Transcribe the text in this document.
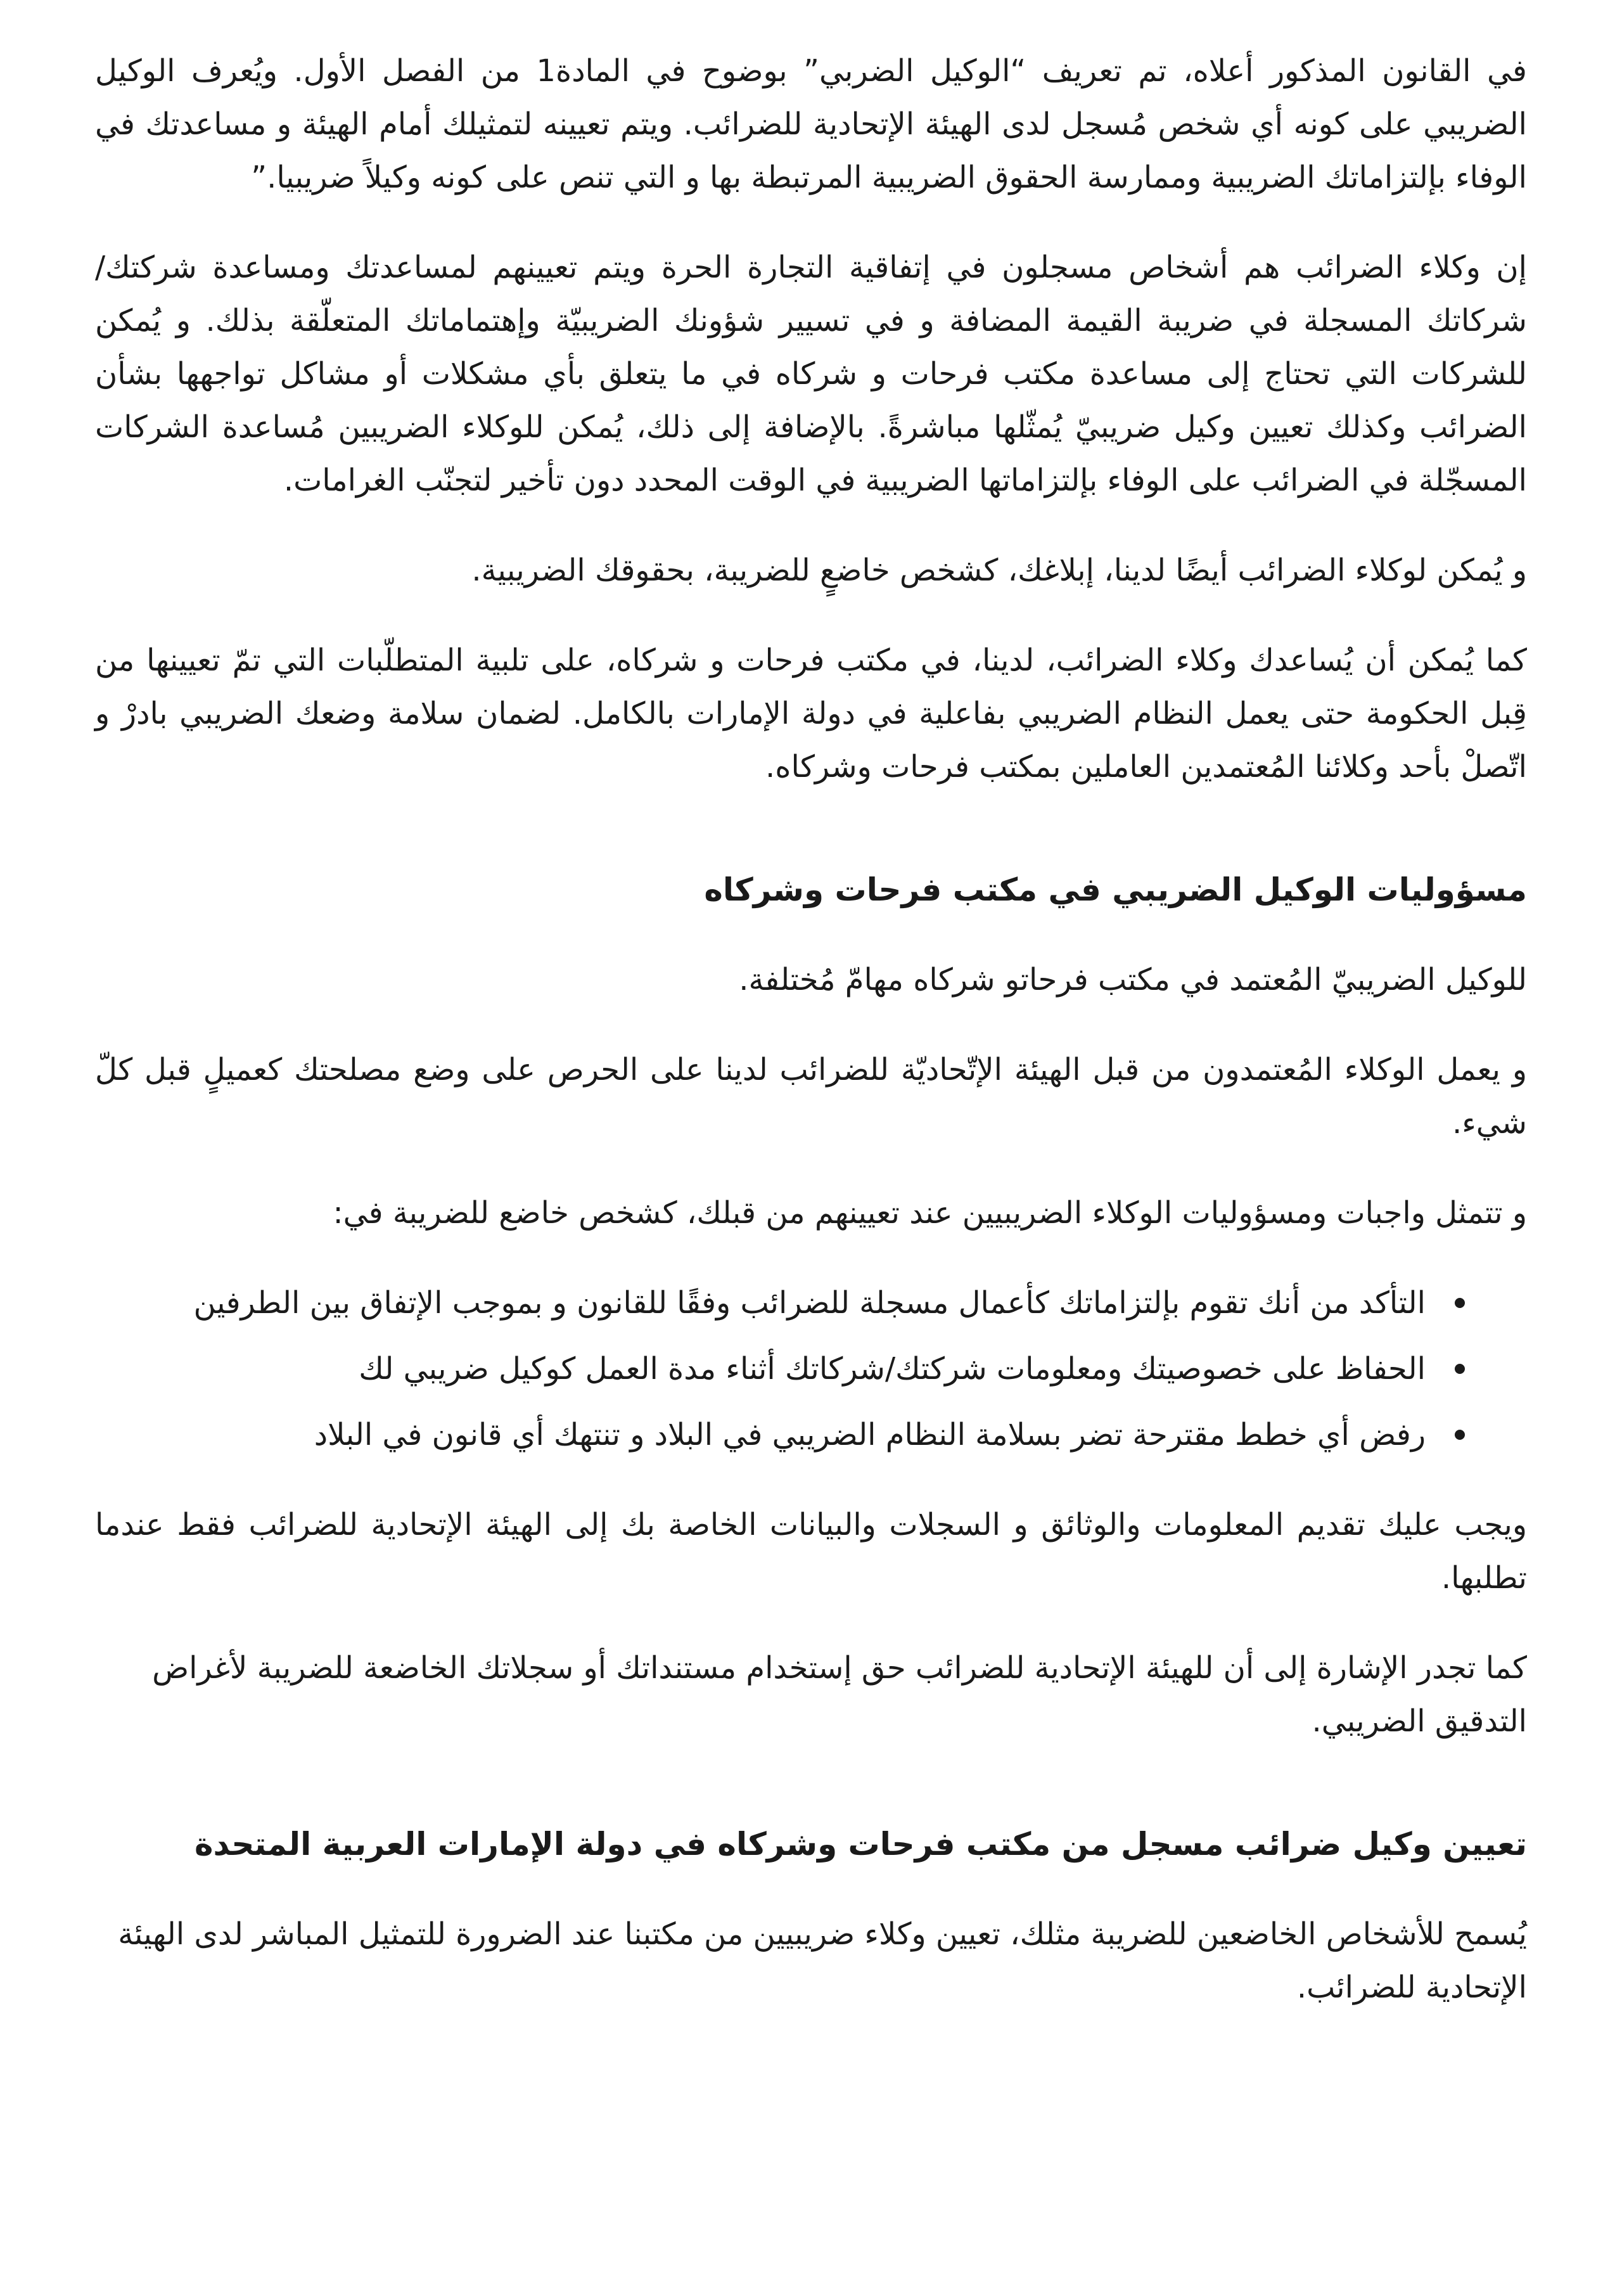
في القانون المذكور أعلاه، تم تعريف “الوكيل الضربي” بوضوح في المادة1 من الفصل الأول. ويُعرف الوكيل الضريبي على كونه أي شخص مُسجل لدى الهيئة الإتحادية للضرائب. ويتم تعيينه لتمثيلك أمام الهيئة و مساعدتك في الوفاء بإلتزاماتك الضريبية وممارسة الحقوق الضريبية المرتبطة بها و التي تنص على كونه وكيلاً ضريبيا.”

إن وكلاء الضرائب هم أشخاص مسجلون في إتفاقية التجارة الحرة ويتم تعيينهم لمساعدتك ومساعدة شركتك/شركاتك المسجلة في ضريبة القيمة المضافة و في تسيير شؤونك الضريبيّة وإهتماماتك المتعلّقة بذلك. و يُمكن للشركات التي تحتاج إلى مساعدة مكتب فرحات و شركاه في ما يتعلق بأي مشكلات أو مشاكل تواجهها بشأن الضرائب وكذلك تعيين وكيل ضريبيّ يُمثّلها مباشرةً. بالإضافة إلى ذلك، يُمكن للوكلاء الضريبين مُساعدة الشركات المسجّلة في الضرائب على الوفاء بإلتزاماتها الضريبية في الوقت المحدد دون تأخير لتجنّب الغرامات.

و يُمكن لوكلاء الضرائب أيضًا لدينا، إبلاغك، كشخص خاضعٍ للضريبة، بحقوقك الضريبية.

كما يُمكن أن يُساعدك وكلاء الضرائب، لدينا، في مكتب فرحات و شركاه، على تلبية المتطلّبات التي تمّ تعيينها من قِبل الحكومة حتى يعمل النظام الضريبي بفاعلية في دولة الإمارات بالكامل. لضمان سلامة وضعك الضريبي بادرْ و اتّصلْ بأحد وكلائنا المُعتمدين العاملين بمكتب فرحات وشركاه.

مسؤوليات الوكيل الضريبي في مكتب فرحات وشركاه

للوكيل الضريبيّ المُعتمد في مكتب فرحاتو شركاه مهامّ مُختلفة.

و يعمل الوكلاء المُعتمدون من قبل الهيئة الإتّحاديّة للضرائب لدينا على الحرص على وضع مصلحتك كعميلٍ قبل كلّ شيء.

و تتمثل واجبات ومسؤوليات الوكلاء الضريبيين عند تعيينهم من قبلك، كشخص خاضع للضريبة في:

التأكد من أنك تقوم بإلتزاماتك كأعمال مسجلة للضرائب وفقًا للقانون و بموجب الإتفاق بين الطرفين
الحفاظ على خصوصيتك ومعلومات شركتك/شركاتك أثناء مدة العمل كوكيل ضريبي لك
رفض أي خطط مقترحة تضر بسلامة النظام الضريبي في البلاد و تنتهك أي قانون في البلاد

ويجب عليك تقديم المعلومات والوثائق و السجلات والبيانات الخاصة بك إلى الهيئة الإتحادية للضرائب فقط عندما تطلبها.

كما تجدر الإشارة إلى أن للهيئة الإتحادية للضرائب حق إستخدام مستنداتك أو سجلاتك الخاضعة للضريبة لأغراض التدقيق الضريبي.

تعيين وكيل ضرائب مسجل من مكتب فرحات وشركاه في دولة الإمارات العربية المتحدة

يُسمح للأشخاص الخاضعين للضريبة مثلك، تعيين وكلاء ضريبيين من مكتبنا عند الضرورة للتمثيل المباشر لدى الهيئة الإتحادية للضرائب.
